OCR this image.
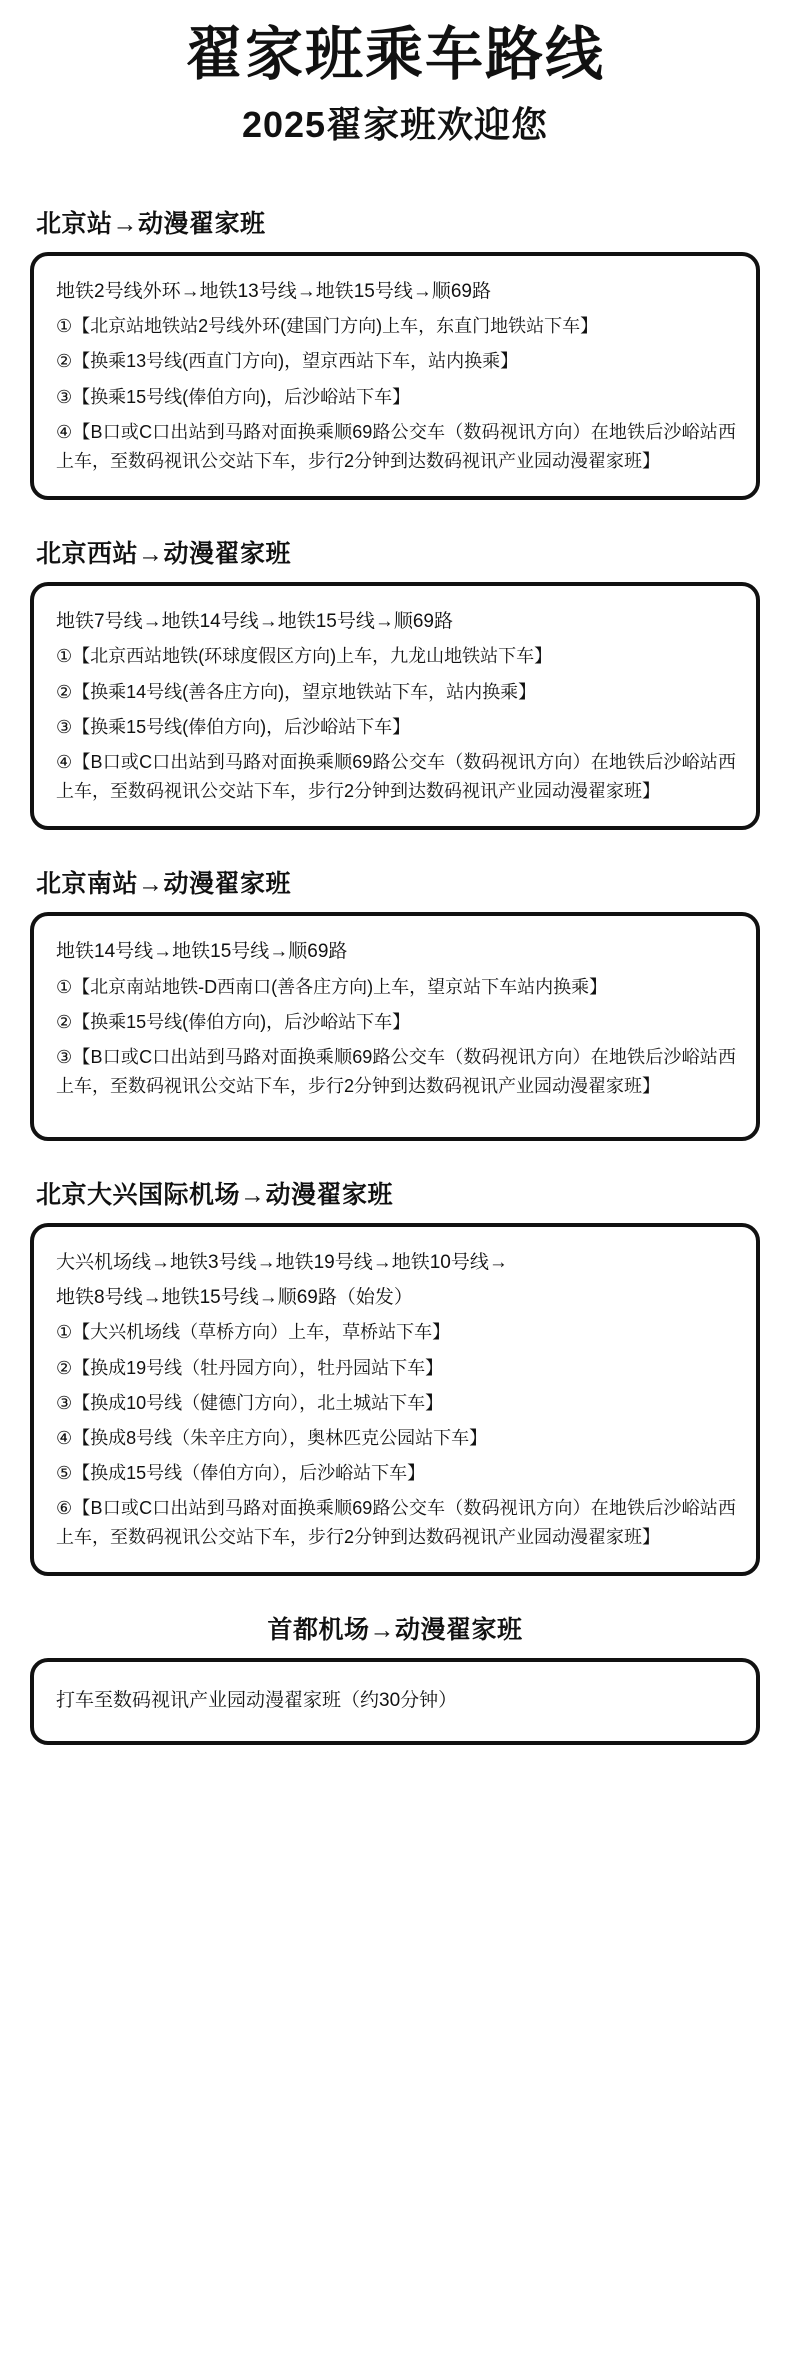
翟家班乘车路线
2025翟家班欢迎您
北京站→动漫翟家班
地铁2号线外环→地铁13号线→地铁15号线→顺69路
①【北京站地铁站2号线外环(建国门方向)上车，东直门地铁站下车】
②【换乘13号线(西直门方向)，望京西站下车，站内换乘】
③【换乘15号线(俸伯方向)，后沙峪站下车】
④【B口或C口出站到马路对面换乘顺69路公交车（数码视讯方向）在地铁后沙峪站西上车，至数码视讯公交站下车，步行2分钟到达数码视讯产业园动漫翟家班】
北京西站→动漫翟家班
地铁7号线→地铁14号线→地铁15号线→顺69路
①【北京西站地铁(环球度假区方向)上车，九龙山地铁站下车】
②【换乘14号线(善各庄方向)，望京地铁站下车，站内换乘】
③【换乘15号线(俸伯方向)，后沙峪站下车】
④【B口或C口出站到马路对面换乘顺69路公交车（数码视讯方向）在地铁后沙峪站西上车，至数码视讯公交站下车，步行2分钟到达数码视讯产业园动漫翟家班】
北京南站→动漫翟家班
地铁14号线→地铁15号线→顺69路
①【北京南站地铁-D西南口(善各庄方向)上车，望京站下车站内换乘】
②【换乘15号线(俸伯方向)，后沙峪站下车】
③【B口或C口出站到马路对面换乘顺69路公交车（数码视讯方向）在地铁后沙峪站西上车，至数码视讯公交站下车，步行2分钟到达数码视讯产业园动漫翟家班】
北京大兴国际机场→动漫翟家班
大兴机场线→地铁3号线→地铁19号线→地铁10号线→
地铁8号线→地铁15号线→顺69路（始发）
①【大兴机场线（草桥方向）上车，草桥站下车】
②【换成19号线（牡丹园方向），牡丹园站下车】
③【换成10号线（健德门方向），北土城站下车】
④【换成8号线（朱辛庄方向），奥林匹克公园站下车】
⑤【换成15号线（俸伯方向），后沙峪站下车】
⑥【B口或C口出站到马路对面换乘顺69路公交车（数码视讯方向）在地铁后沙峪站西上车，至数码视讯公交站下车，步行2分钟到达数码视讯产业园动漫翟家班】
首都机场→动漫翟家班
打车至数码视讯产业园动漫翟家班（约30分钟）
